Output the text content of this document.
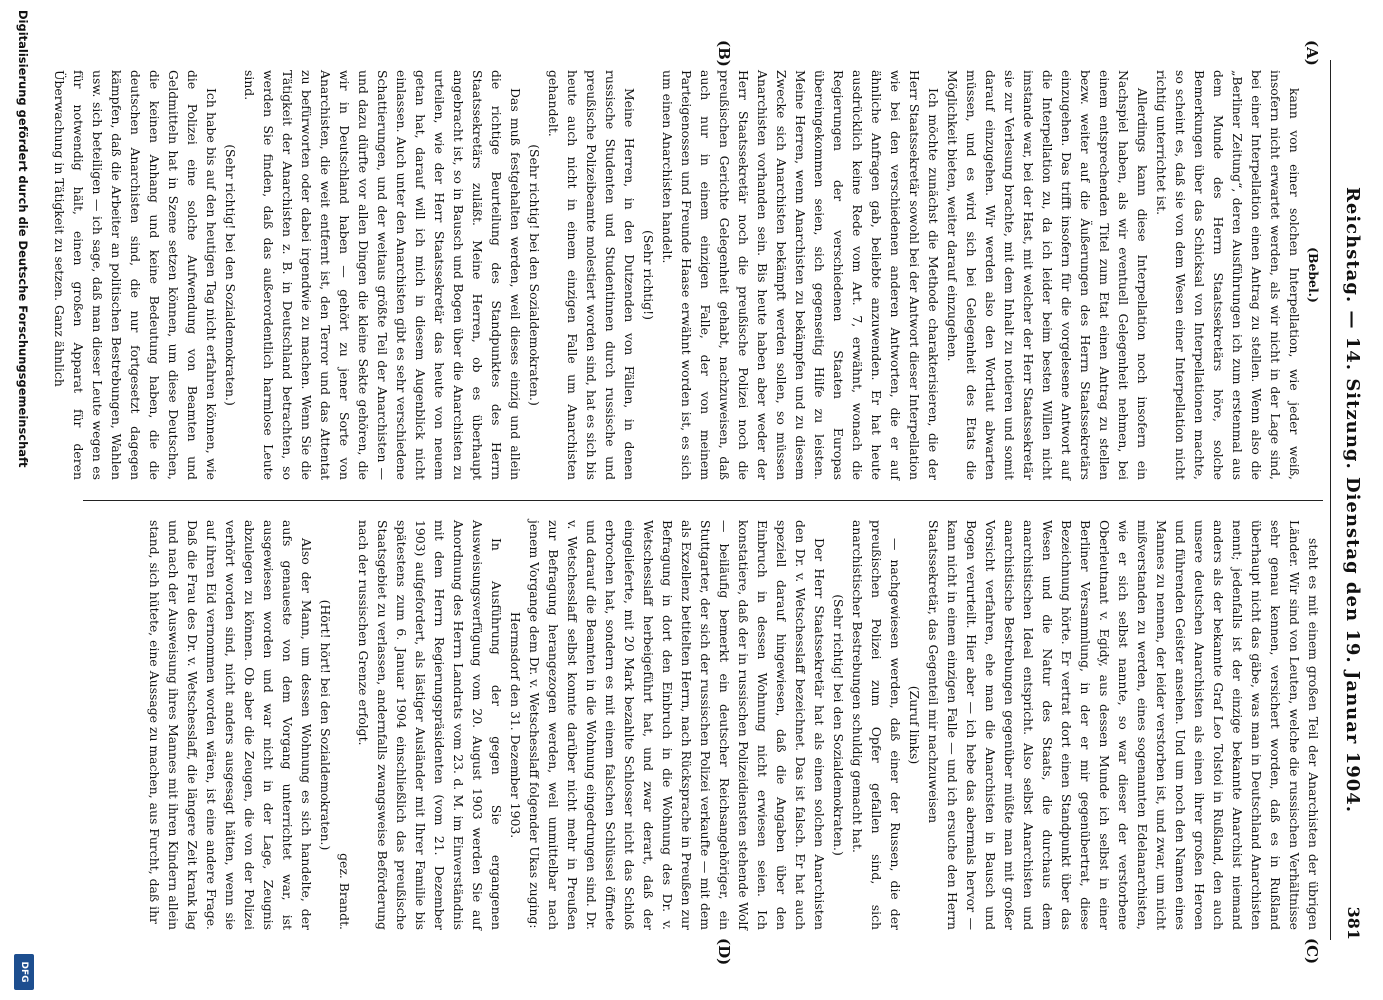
Reichstag. — 14. Sitzung. Dienstag den 19. Januar 1904.
381
(A)
(B)
(C)
(D)

(Bebel.)

kann von einer solchen Interpellation, wie jeder weiß, insofern nicht erwartet werden, als wir nicht in der Lage sind, bei einer Interpellation einen Antrag zu stellen. Wenn also die „Berliner Zeitung“, deren Ausführungen ich zum erstenmal aus dem Munde des Herrn Staatssekretärs höre, solche Bemerkungen über das Schicksal von Interpellationen machte, so scheint es, daß sie von dem Wesen einer Interpellation nicht richtig unterrichtet ist.

Allerdings kann diese Interpellation noch insofern ein Nachspiel haben, als wir eventuell Gelegenheit nehmen, bei einem entsprechenden Titel zum Etat einen Antrag zu stellen bezw. weiter auf die Äußerungen des Herrn Staatssekretärs einzugehen. Das trifft insofern für die vorgelesene Antwort auf die Interpellation zu, da ich leider beim besten Willen nicht imstande war, bei der Hast, mit welcher der Herr Staatssekretär sie zur Verlesung brachte, mit dem Inhalt zu notieren und somit darauf einzugehen. Wir werden also den Wortlaut abwarten müssen, und es wird sich bei Gelegenheit des Etats die Möglichkeit bieten, weiter darauf einzugehen.

Ich möchte zunächst die Methode charakterisieren, die der Herr Staatssekretär sowohl bei der Antwort dieser Interpellation wie bei den verschiedenen anderen Antworten, die er auf ähnliche Anfragen gab, beliebte anzuwenden. Er hat heute ausdrücklich keine Rede vom Art. 7, erwähnt, wonach die Regierungen der verschiedenen Staaten Europas übereingekommen seien, sich gegenseitig Hilfe zu leisten. Meine Herren, wenn Anarchisten zu bekämpfen und zu diesem Zwecke sich Anarchisten bekämpft werden sollen, so müssen Anarchisten vorhanden sein. Bis heute haben aber weder der Herr Staatssekretär noch die preußische Polizei noch die preußischen Gerichte Gelegenheit gehabt, nachzuweisen, daß auch nur in einem einzigen Falle, der von meinem Parteigenossen und Freunde Haase erwähnt worden ist, es sich um einen Anarchisten handelt.

(Sehr richtig!)

Meine Herren, in den Dutzenden von Fällen, in denen russische Studenten und Studentinnen durch russische und preußische Polizeibeamte molestiert worden sind, hat es sich bis heute auch nicht in einem einzigen Falle um Anarchisten gehandelt.

(Sehr richtig! bei den Sozialdemokraten.)

Das muß festgehalten werden, weil dieses einzig und allein die richtige Beurteilung des Standpunktes des Herrn Staatssekretärs zuläßt. Meine Herren, ob es überhaupt angebracht ist, so in Bausch und Bogen über die Anarchisten zu urteilen, wie der Herr Staatssekretär das heute von neuem getan hat, darauf will ich mich in diesem Augenblick nicht einlassen. Auch unter den Anarchisten gibt es sehr verschiedene Schattierungen, und der weitaus größte Teil der Anarchisten — und dazu dürfte vor allen Dingen die kleine Sekte gehören, die wir in Deutschland haben — gehört zu jener Sorte von Anarchisten, die weit entfernt ist, den Terror und das Attentat zu befürworten oder dabei irgendwie zu machen. Wenn Sie die Tätigkeit der Anarchisten z. B. in Deutschland betrachten, so werden Sie finden, daß das außerordentlich harmlose Leute sind.

(Sehr richtig! bei den Sozialdemokraten.)

Ich habe bis auf den heutigen Tag nicht erfahren können, wie die Polizei eine solche Aufwendung von Beamten und Geldmitteln hat in Szene setzen können, um diese Deutschen, die keinen Anhang und keine Bedeutung haben, die die deutschen Anarchisten sind, die nur fortgesetzt dagegen kämpfen, daß die Arbeiter an politischen Bestrebungen, Wahlen usw. sich beteiligen — ich sage, daß man dieser Leute wegen es für notwendig hält, einen großen Apparat für deren Überwachung in Tätigkeit zu setzen. Ganz ähnlich

steht es mit einem großen Teil der Anarchisten der übrigen Länder. Wir sind von Leuten, welche die russischen Verhältnisse sehr genau kennen, versichert worden, daß es in Rußland überhaupt nicht das gäbe, was man in Deutschland Anarchisten nennt; jedenfalls ist der einzige bekannte Anarchist niemand anders als der bekannte Graf Leo Tolstoi in Rußland, den auch unsere deutschen Anarchisten als einen ihrer großen Heroen und führenden Geister ansehen. Und um noch den Namen eines Mannes zu nennen, der leider verstorben ist, und zwar, um nicht mißverstanden zu werden, eines sogenannten Edelanarchisten, wie er sich selbst nannte, so war dieser der verstorbene Oberleutnant v. Egidy, aus dessen Munde ich selbst in einer Berliner Versammlung, in der er mir gegenübertrat, diese Bezeichnung hörte. Er vertrat dort einen Standpunkt über das Wesen und die Natur des Staats, die durchaus dem anarchistischen Ideal entspricht. Also selbst Anarchisten und anarchistische Bestrebungen gegenüber müßte man mit großer Vorsicht verfahren, ehe man die Anarchisten in Bausch und Bogen verurteilt. Hier aber — ich hebe das abermals hervor — kann nicht in einem einzigen Falle — und ich ersuche den Herrn Staatssekretär, das Gegenteil mir nachzuweisen

(Zuruf links)

— nachgewiesen werden, daß einer der Russen, die der preußischen Polizei zum Opfer gefallen sind, sich anarchistischer Bestrebungen schuldig gemacht hat.

(Sehr richtig! bei den Sozialdemokraten.)

Der Herr Staatssekretär hat als einen solchen Anarchisten den Dr. v. Wetschesslaff bezeichnet. Das ist falsch. Er hat auch speziell darauf hingewiesen, daß die Angaben über den Einbruch in dessen Wohnung nicht erwiesen seien. Ich konstatiere, daß der in russischen Polizeidiensten stehende Wolf — beiläufig bemerkt ein deutscher Reichsangehöriger, ein Stuttgarter, der sich der russischen Polizei verkaufte — mit dem als Exzellenz betitelten Herrn, nach Rücksprache in Preußen zur Befragung in dort den Einbruch in die Wohnung des Dr. v. Wetschesslaff herbeigeführt hat, und zwar derart, daß der eingelieferte, mit 20 Mark bezahlte Schlosser nicht das Schloß erbrochen hat, sondern es mit einem falschen Schlüssel öffnete und darauf die Beamten in die Wohnung eingedrungen sind. Dr. v. Wetschesslaff selbst konnte darüber nicht mehr in Preußen zur Befragung herangezogen werden, weil unmittelbar nach jenem Vorgange dem Dr. v. Wetschesslaff folgender Ukas zuging:

Hermsdorf den 31. Dezember 1903.

In Ausführung der gegen Sie ergangenen Ausweisungsverfügung vom 20. August 1903 werden Sie auf Anordnung des Herrn Landrats vom 23. d. M. im Einverständnis mit dem Herrn Regierungspräsidenten (vom 21. Dezember 1903) aufgefordert, als lästiger Ausländer mit Ihrer Familie bis spätestens zum 6. Januar 1904 einschließlich das preußische Staatsgebiet zu verlassen, andernfalls zwangsweise Beförderung nach der russischen Grenze erfolgt.

gez. Brandt.

(Hört! hört! bei den Sozialdemokraten.)

Also der Mann, um dessen Wohnung es sich handelte, der aufs genaueste von dem Vorgang unterrichtet war, ist ausgewiesen worden und war nicht in der Lage, Zeugnis abzulegen zu können. Ob aber die Zeugen, die von der Polizei verhört worden sind, nicht anders ausgesagt hätten, wenn sie auf ihren Eid vernommen worden wären, ist eine andere Frage. Daß die Frau des Dr. v. Wetschesslaff, die längere Zeit krank lag und nach der Ausweisung ihres Mannes mit ihren Kindern allein stand, sich hütete, eine Aussage zu machen, aus Furcht, daß ihr

Digitalisierung gefördert durch die Deutsche Forschungsgemeinschaft
DFG
